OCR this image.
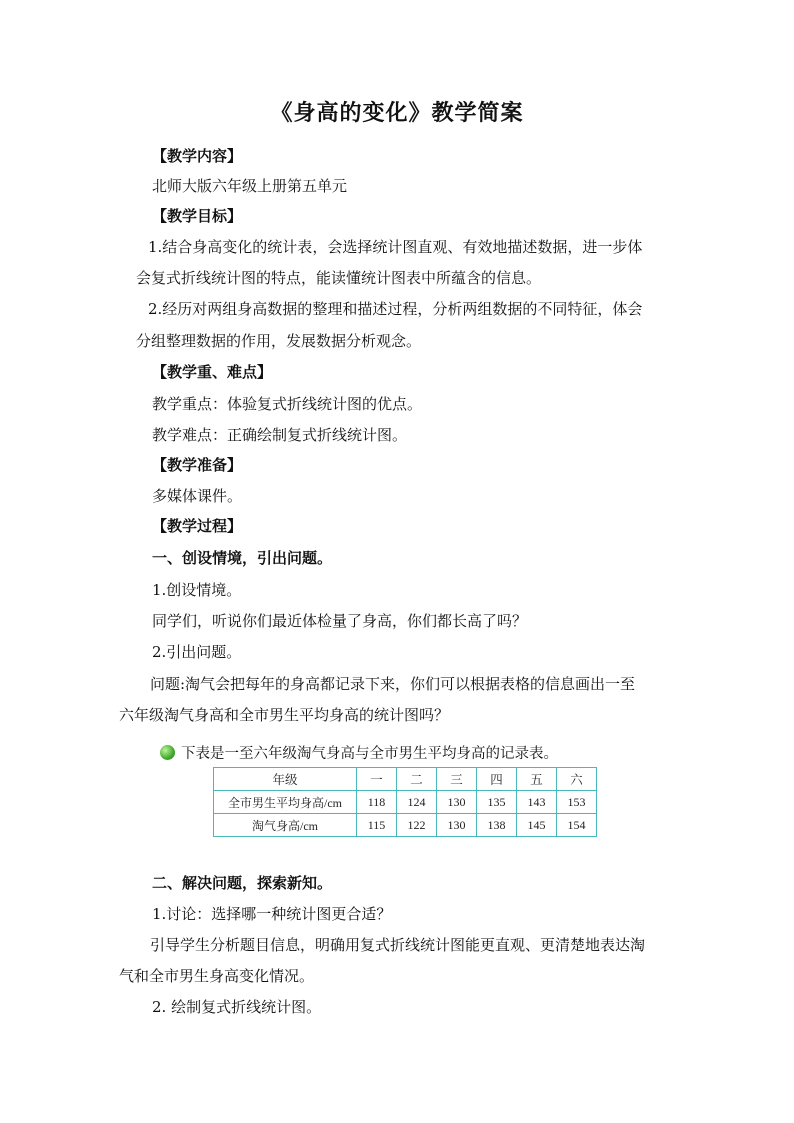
《身高的变化》教学简案
【教学内容】
北师大版六年级上册第五单元
【教学目标】
1.结合身高变化的统计表，会选择统计图直观、有效地描述数据，进一步体
会复式折线统计图的特点，能读懂统计图表中所蕴含的信息。
2.经历对两组身高数据的整理和描述过程，分析两组数据的不同特征，体会
分组整理数据的作用，发展数据分析观念。
【教学重、难点】
教学重点：体验复式折线统计图的优点。
教学难点：正确绘制复式折线统计图。
【教学准备】
多媒体课件。
【教学过程】
一、创设情境，引出问题。
1.创设情境。
同学们，听说你们最近体检量了身高，你们都长高了吗？
2.引出问题。
问题:淘气会把每年的身高都记录下来，你们可以根据表格的信息画出一至
六年级淘气身高和全市男生平均身高的统计图吗？
下表是一至六年级淘气身高与全市男生平均身高的记录表。
年级	一	二	三	四	五	六
全市男生平均身高/cm	118	124	130	135	143	153
淘气身高/cm	115	122	130	138	145	154
二、解决问题，探索新知。
1.讨论：选择哪一种统计图更合适？
引导学生分析题目信息，明确用复式折线统计图能更直观、更清楚地表达淘
气和全市男生身高变化情况。
2. 绘制复式折线统计图。
